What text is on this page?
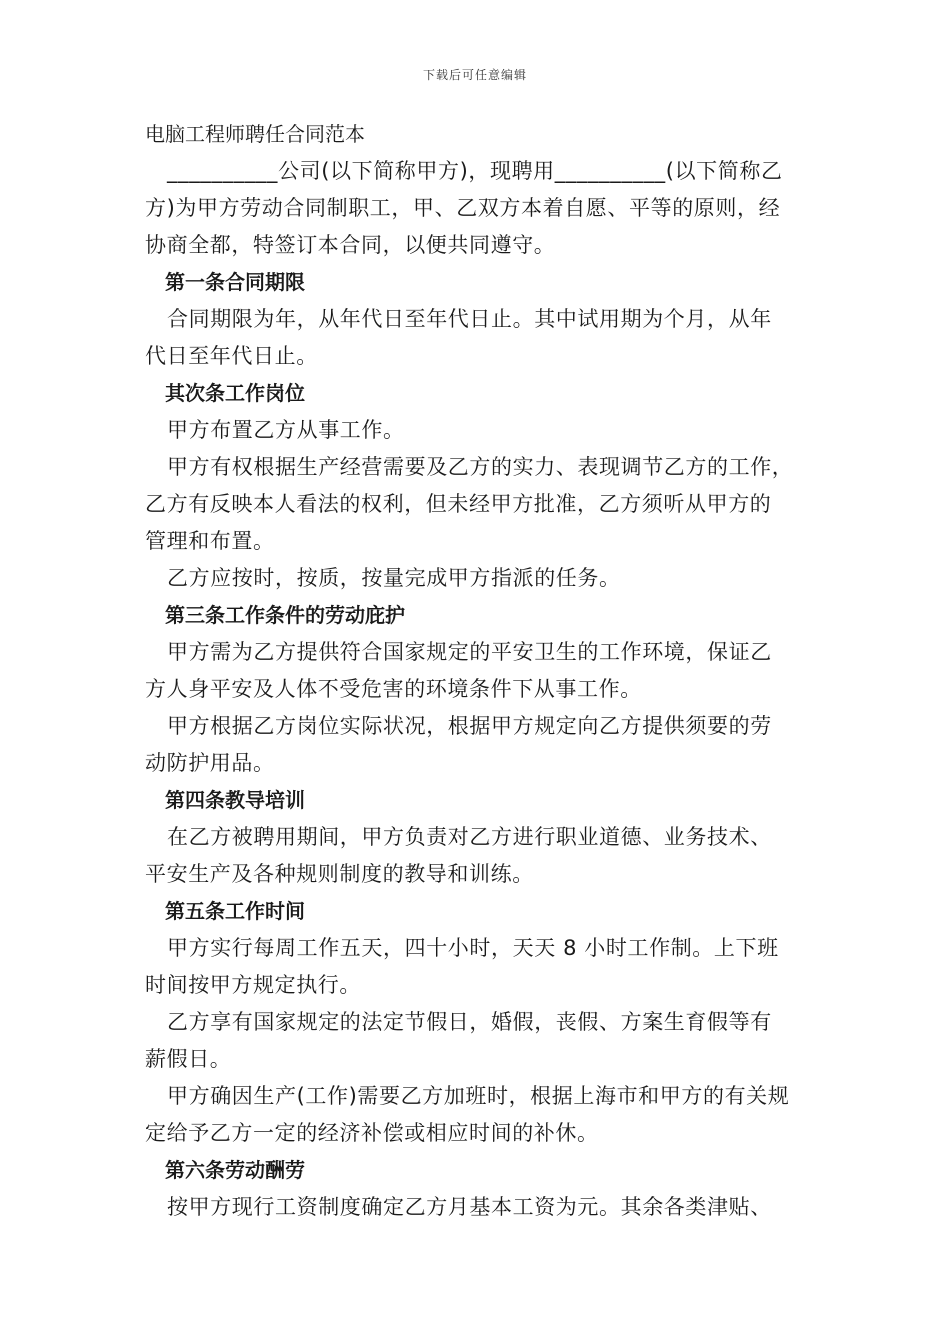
下载后可任意编辑
电脑工程师聘任合同范本

__________公司(以下简称甲方)，现聘用__________(以下简称乙
方)为甲方劳动合同制职工，甲、乙双方本着自愿、平等的原则，经
协商全都，特签订本合同，以便共同遵守。

第一条合同期限

合同期限为年，从年代日至年代日止。其中试用期为个月，从年
代日至年代日止。

其次条工作岗位

甲方布置乙方从事工作。

甲方有权根据生产经营需要及乙方的实力、表现调节乙方的工作，
乙方有反映本人看法的权利，但未经甲方批准，乙方须听从甲方的
管理和布置。

乙方应按时，按质，按量完成甲方指派的任务。

第三条工作条件的劳动庇护

甲方需为乙方提供符合国家规定的平安卫生的工作环境，保证乙
方人身平安及人体不受危害的环境条件下从事工作。

甲方根据乙方岗位实际状况，根据甲方规定向乙方提供须要的劳
动防护用品。

第四条教导培训

在乙方被聘用期间，甲方负责对乙方进行职业道德、业务技术、
平安生产及各种规则制度的教导和训练。

第五条工作时间

甲方实行每周工作五天，四十小时，天天 8 小时工作制。上下班
时间按甲方规定执行。

乙方享有国家规定的法定节假日，婚假，丧假、方案生育假等有
薪假日。

甲方确因生产(工作)需要乙方加班时，根据上海市和甲方的有关规
定给予乙方一定的经济补偿或相应时间的补休。

第六条劳动酬劳

按甲方现行工资制度确定乙方月基本工资为元。其余各类津贴、
